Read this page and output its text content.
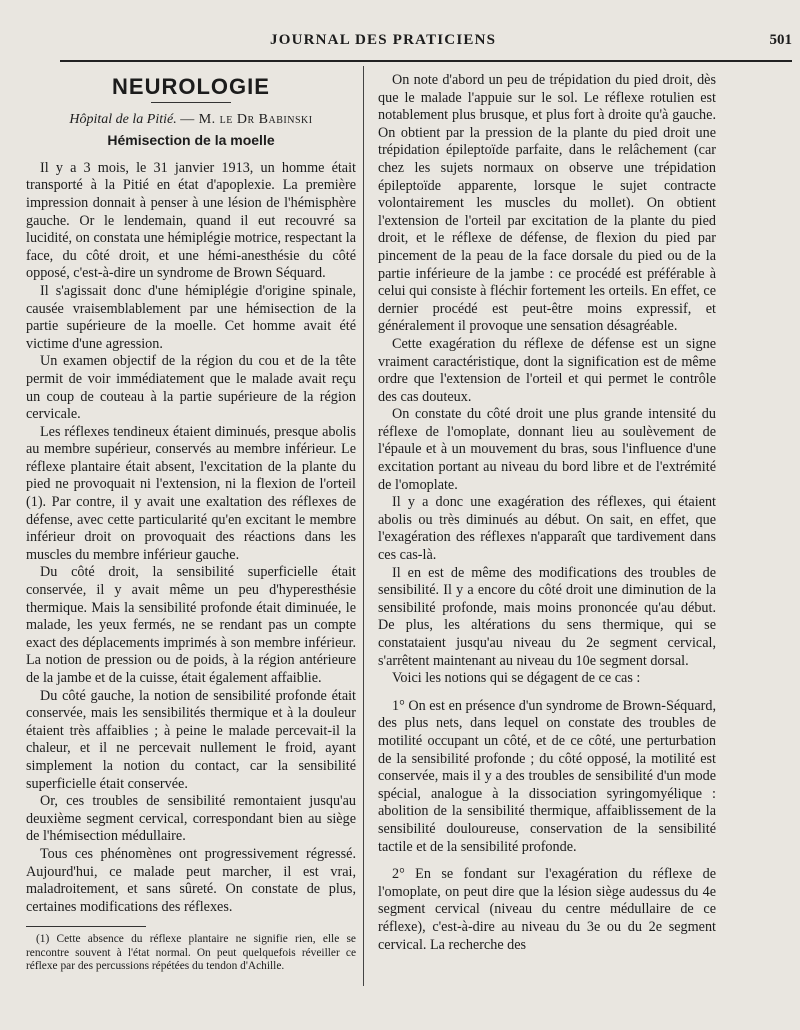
JOURNAL DES PRATICIENS	501
NEUROLOGIE
Hôpital de la Pitié. — M. le Dr Babinski
Hémisection de la moelle

Il y a 3 mois, le 31 janvier 1913, un homme était transporté à la Pitié en état d'apoplexie. La première impression donnait à penser à une lésion de l'hémisphère gauche. Or le lendemain, quand il eut recouvré sa lucidité, on constata une hémiplégie motrice, respectant la face, du côté droit, et une hémi-anesthésie du côté opposé, c'est-à-dire un syndrome de Brown Séquard.

Il s'agissait donc d'une hémiplégie d'origine spinale, causée vraisemblablement par une hémisection de la partie supérieure de la moelle. Cet homme avait été victime d'une agression.

Un examen objectif de la région du cou et de la tête permit de voir immédiatement que le malade avait reçu un coup de couteau à la partie supérieure de la région cervicale.

Les réflexes tendineux étaient diminués, presque abolis au membre supérieur, conservés au membre inférieur. Le réflexe plantaire était absent, l'excitation de la plante du pied ne provoquait ni l'extension, ni la flexion de l'orteil (1). Par contre, il y avait une exaltation des réflexes de défense, avec cette particularité qu'en excitant le membre inférieur droit on provoquait des réactions dans les muscles du membre inférieur gauche.

Du côté droit, la sensibilité superficielle était conservée, il y avait même un peu d'hyperesthésie thermique. Mais la sensibilité profonde était diminuée, le malade, les yeux fermés, ne se rendant pas un compte exact des déplacements imprimés à son membre inférieur. La notion de pression ou de poids, à la région antérieure de la jambe et de la cuisse, était également affaiblie.

Du côté gauche, la notion de sensibilité profonde était conservée, mais les sensibilités thermique et à la douleur étaient très affaiblies ; à peine le malade percevait-il la chaleur, et il ne percevait nullement le froid, ayant simplement la notion du contact, car la sensibilité superficielle était conservée.

Or, ces troubles de sensibilité remontaient jusqu'au deuxième segment cervical, correspondant bien au siège de l'hémisection médullaire.

Tous ces phénomènes ont progressivement régressé. Aujourd'hui, ce malade peut marcher, il est vrai, maladroitement, et sans sûreté. On constate de plus, certaines modifications des réflexes.

(1) Cette absence du réflexe plantaire ne signifie rien, elle se rencontre souvent à l'état normal. On peut quelquefois réveiller ce réflexe par des percussions répétées du tendon d'Achille.

On note d'abord un peu de trépidation du pied droit, dès que le malade l'appuie sur le sol. Le réflexe rotulien est notablement plus brusque, et plus fort à droite qu'à gauche. On obtient par la pression de la plante du pied droit une trépidation épileptoïde parfaite, dans le relâchement (car chez les sujets normaux on observe une trépidation épileptoïde apparente, lorsque le sujet contracte volontairement les muscles du mollet). On obtient l'extension de l'orteil par excitation de la plante du pied droit, et le réflexe de défense, de flexion du pied par pincement de la peau de la face dorsale du pied ou de la partie inférieure de la jambe : ce procédé est préférable à celui qui consiste à fléchir fortement les orteils. En effet, ce dernier procédé est peut-être moins expressif, et généralement il provoque une sensation désagréable.

Cette exagération du réflexe de défense est un signe vraiment caractéristique, dont la signification est de même ordre que l'extension de l'orteil et qui permet le contrôle des cas douteux.

On constate du côté droit une plus grande intensité du réflexe de l'omoplate, donnant lieu au soulèvement de l'épaule et à un mouvement du bras, sous l'influence d'une excitation portant au niveau du bord libre et de l'extrémité de l'omoplate.

Il y a donc une exagération des réflexes, qui étaient abolis ou très diminués au début. On sait, en effet, que l'exagération des réflexes n'apparaît que tardivement dans ces cas-là.

Il en est de même des modifications des troubles de sensibilité. Il y a encore du côté droit une diminution de la sensibilité profonde, mais moins prononcée qu'au début. De plus, les altérations du sens thermique, qui se constataient jusqu'au niveau du 2e segment cervical, s'arrêtent maintenant au niveau du 10e segment dorsal.

Voici les notions qui se dégagent de ce cas :

1° On est en présence d'un syndrome de Brown-Séquard, des plus nets, dans lequel on constate des troubles de motilité occupant un côté, et de ce côté, une perturbation de la sensibilité profonde ; du côté opposé, la motilité est conservée, mais il y a des troubles de sensibilité d'un mode spécial, analogue à la dissociation syringomyélique : abolition de la sensibilité thermique, affaiblissement de la sensibilité douloureuse, conservation de la sensibilité tactile et de la sensibilité profonde.

2° En se fondant sur l'exagération du réflexe de l'omoplate, on peut dire que la lésion siège audessus du 4e segment cervical (niveau du centre médullaire de ce réflexe), c'est-à-dire au niveau du 3e ou du 2e segment cervical. La recherche des
